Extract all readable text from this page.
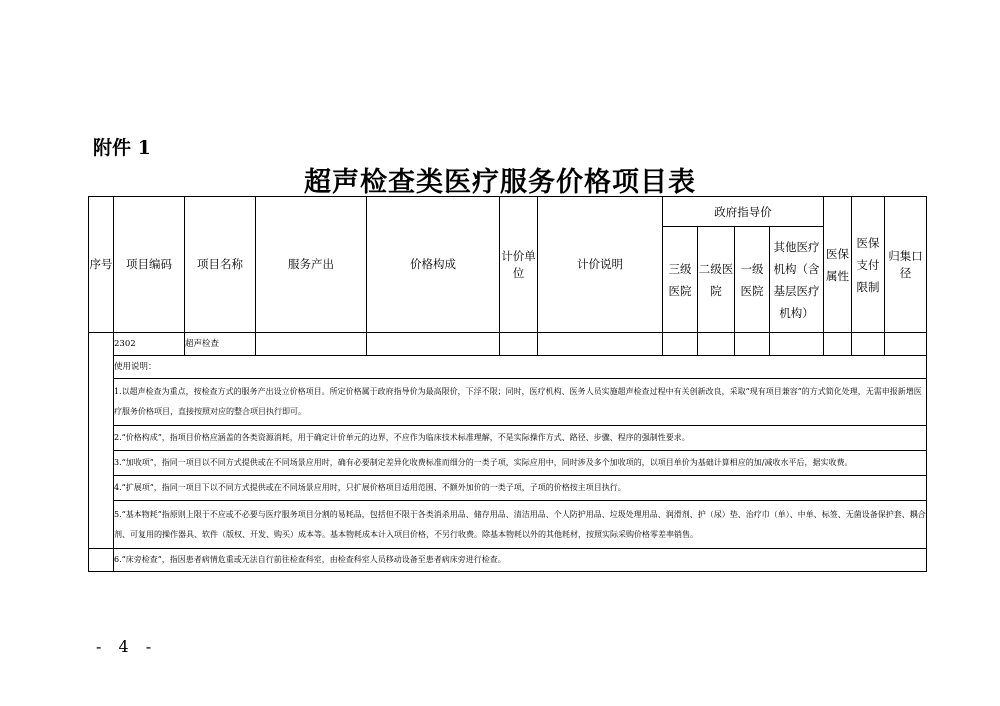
附件 1
超声检查类医疗服务价格项目表
序号	项目编码	项目名称	服务产出	价格构成	计价单位	计价说明	政府指导价				医保属性	医保支付限制	归集口径
							三级医院	二级医院	一级医院	其他医疗机构（含基层医疗机构）			
	2302	超声检查											
	使用说明：												
	1.以超声检查为重点，按检查方式的服务产出设立价格项目。所定价格属于政府指导价为最高限价，下浮不限；同时，医疗机构、医务人员实施超声检查过程中有关创新改良，采取“现有项目兼容”的方式简化处理，无需申报新增医疗服务价格项目，直接按照对应的整合项目执行即可。												
	2.“价格构成”，指项目价格应涵盖的各类资源消耗，用于确定计价单元的边界，不应作为临床技术标准理解，不是实际操作方式、路径、步骤、程序的强制性要求。												
	3.“加收项”，指同一项目以不同方式提供或在不同场景应用时，确有必要制定差异化收费标准而细分的一类子项，实际应用中，同时涉及多个加收项的，以项目单价为基础计算相应的加/减收水平后，据实收费。												
	4.“扩展项”，指同一项目下以不同方式提供或在不同场景应用时，只扩展价格项目适用范围、不额外加价的一类子项，子项的价格按主项目执行。												
	5.“基本物耗”指原则上限于不应或不必要与医疗服务项目分割的易耗品，包括但不限于各类消杀用品、储存用品、清洁用品、个人防护用品、垃圾处理用品、润滑剂、护（尿）垫、治疗巾（单）、中单、标签、无菌设备保护套、耦合剂、可复用的操作器具、软件（版权、开发、购买）成本等。基本物耗成本计入项目价格，不另行收费。除基本物耗以外的其他耗材，按照实际采购价格零差率销售。												
	6.“床旁检查”，指因患者病情危重或无法自行前往检查科室，由检查科室人员移动设备至患者病床旁进行检查。												
- 4 -
